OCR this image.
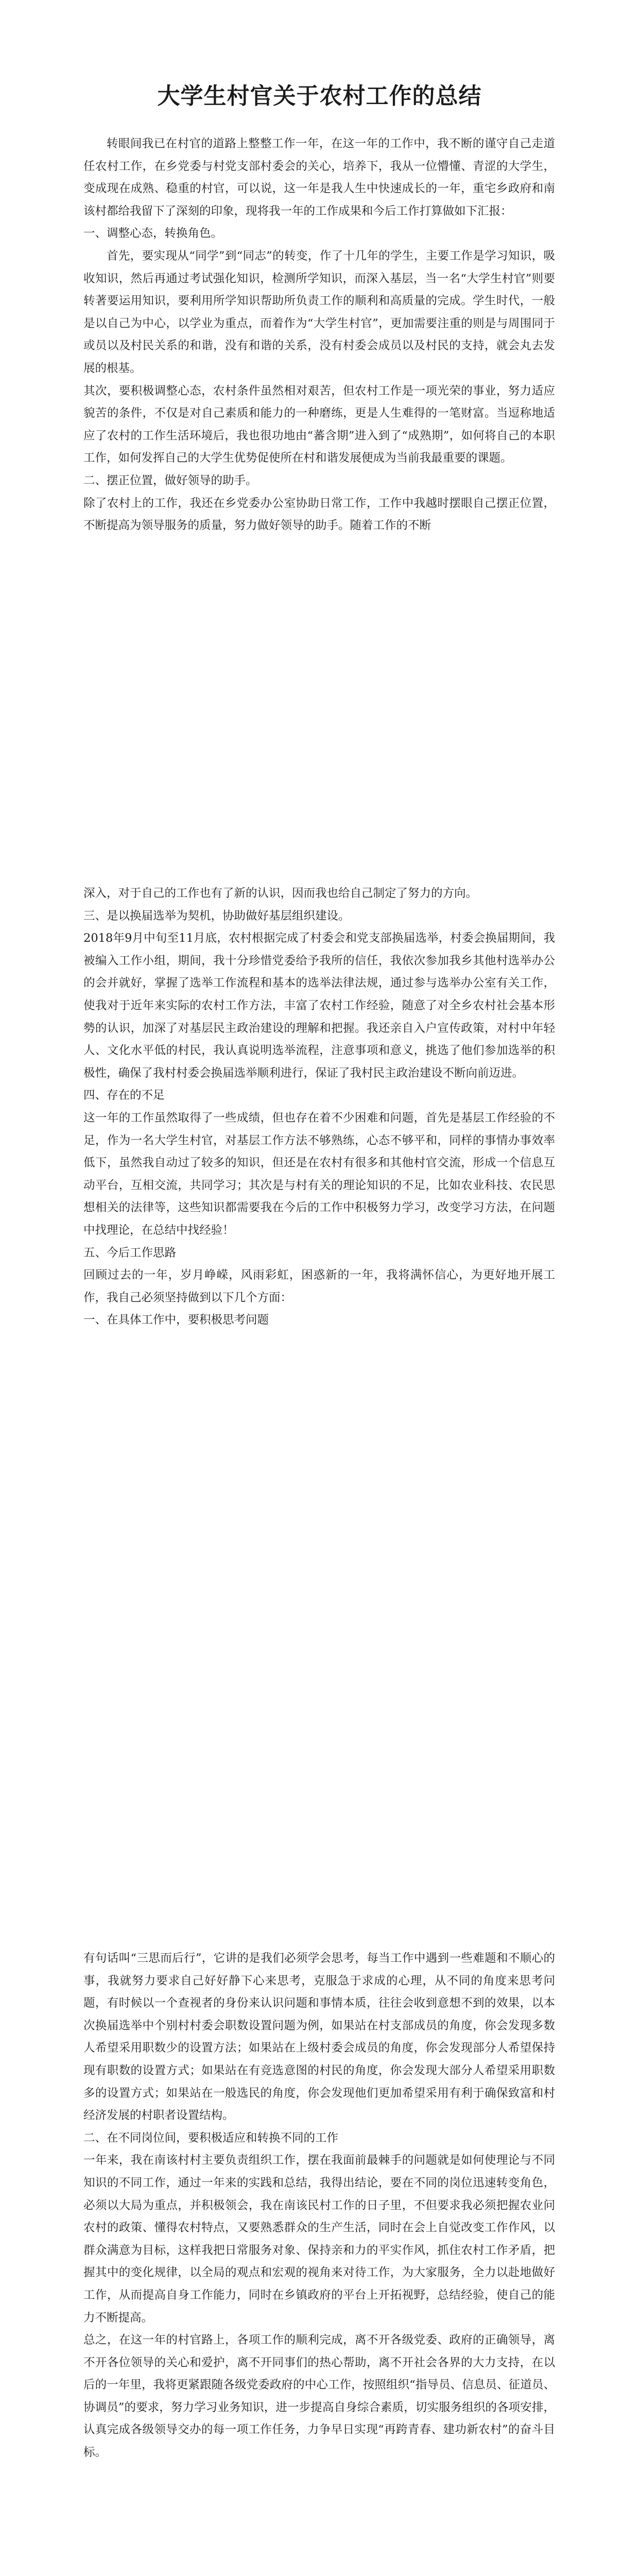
大学生村官关于农村工作的总结

转眼间我已在村官的道路上整整工作一年，在这一年的工作中，我不断的谨守自己走道任农村工作，在乡党委与村党支部村委会的关心，培养下，我从一位懵懂、青涩的大学生，变成现在成熟、稳重的村官，可以说，这一年是我人生中快速成长的一年，重宅乡政府和南该村都给我留下了深刻的印象，现将我一年的工作成果和今后工作打算做如下汇报：

一、调整心态，转换角色。

首先，要实现从“同学”到“同志”的转变，作了十几年的学生，主要工作是学习知识，吸收知识，然后再通过考试强化知识，检测所学知识，而深入基层，当一名“大学生村官”则要转著要运用知识，要利用所学知识帮助所负责工作的顺利和高质量的完成。学生时代，一般是以自己为中心，以学业为重点，而着作为“大学生村官”，更加需要注重的则是与周围同于或员以及村民关系的和谐，没有和谐的关系，没有村委会成员以及村民的支持，就会丸去发展的根基。

其次，要积极调整心态，农村条件虽然相对艰苦，但农村工作是一项光荣的事业，努力适应貌苦的条件，不仅是对自己素质和能力的一种磨练，更是人生难得的一笔财富。当逗称地适应了农村的工作生活环境后，我也很功地由“蕃含期”进入到了“成熟期”，如何将自己的本职工作，如何发挥自己的大学生优势促使所在村和谐发展便成为当前我最重要的课题。

二、摆正位置，做好领导的助手。

除了农村上的工作，我还在乡党委办公室协助日常工作，工作中我越时摆眼自己摆正位置，不断提高为领导服务的质量，努力做好领导的助手。随着工作的不断

深入，对于自己的工作也有了新的认识，因而我也给自己制定了努力的方向。

三、是以换届选举为契机，协助做好基层组织建设。

2018年9月中旬至11月底，农村根据完成了村委会和党支部换届选举，村委会换届期间，我被编入工作小组，期间，我十分珍惜党委给予我所的信任，我依次参加我乡其他村选举办公的会并就好，掌握了选举工作流程和基本的选举法律法规，通过参与选举办公室有关工作，使我对于近年来实际的农村工作方法，丰富了农村工作经验，随意了对全乡农村社会基本形勢的认识，加深了对基层民主政治建设的理解和把握。我还亲自入户宣传政策，对村中年轻人、文化水平低的村民，我认真说明选举流程，注意事项和意义，挑选了他们参加选举的积极性，确保了我村村委会换届选举顺利进行，保证了我村民主政治建设不断向前迈进。

四、存在的不足

这一年的工作虽然取得了一些成绩，但也存在着不少困难和问题，首先是基层工作经验的不足，作为一名大学生村官，对基层工作方法不够熟练，心态不够平和，同样的事情办事效率低下，虽然我自动过了较多的知识，但还是在农村有很多和其他村官交流，形成一个信息互动平台，互相交流，共同学习；其次是与村有关的理论知识的不足，比如农业科技、农民思想相关的法律等，这些知识都需要我在今后的工作中积极努力学习，改变学习方法，在问题中找理论，在总结中找经验！

五、今后工作思路

回顾过去的一年，岁月峥嵘，风雨彩虹，困惑新的一年，我将满怀信心，为更好地开展工作，我自己必须坚持做到以下几个方面：

一、在具体工作中，要积极思考问题

有句话叫“三思而后行”，它讲的是我们必须学会思考，每当工作中遇到一些难题和不顺心的事，我就努力要求自己好好静下心来思考，克服急于求成的心理，从不同的角度来思考问题，有时候以一个查视者的身份来认识问题和事情本质，往往会收到意想不到的效果，以本次换届选举中个别村村委会职数设置问题为例，如果站在村支部成员的角度，你会发现多数人希望采用职数少的设置方法；如果站在上级村委会成员的角度，你会发现部分人希望保持现有职数的设置方式；如果站在有竞选意图的村民的角度，你会发现大部分人希望采用职数多的设置方式；如果站在一般选民的角度，你会发现他们更加希望采用有利于确保致富和村经济发展的村职者设置结构。

二、在不同岗位间，要积极适应和转换不同的工作

一年来，我在南该村村主要负责组织工作，摆在我面前最棘手的问题就是如何使理论与不同知识的不同工作，通过一年来的实践和总结，我得出结论，要在不同的岗位迅速转变角色，必须以大局为重点，并积极领会，我在南该民村工作的日子里，不但要求我必须把握农业问农村的政策、懂得农村特点，又要熟悉群众的生产生活，同时在会上自觉改变工作作风，以群众满意为目标，这样我把日常服务对象、保持亲和力的平实作风，抓住农村工作矛盾，把握其中的变化规律，以全局的观点和宏观的视角来对待工作，为大家服务，全力以赴地做好工作，从而提高自身工作能力，同时在乡镇政府的平台上开拓视野，总结经验，使自己的能力不断提高。

总之，在这一年的村官路上，各项工作的顺利完成，离不开各级党委、政府的正确领导，离不开各位领导的关心和爱护，离不开同事们的热心帮助，离不开社会各界的大力支持，在以后的一年里，我将更紧跟随各级党委政府的中心工作，按照组织“指导员、信息员、征道员、协调员”的要求，努力学习业务知识，进一步提高自身综合素质，切实服务组织的各项安排，认真完成各级领导交办的每一项工作任务，力争早日实现“再跨青春、建功新农村”的奋斗目标。
